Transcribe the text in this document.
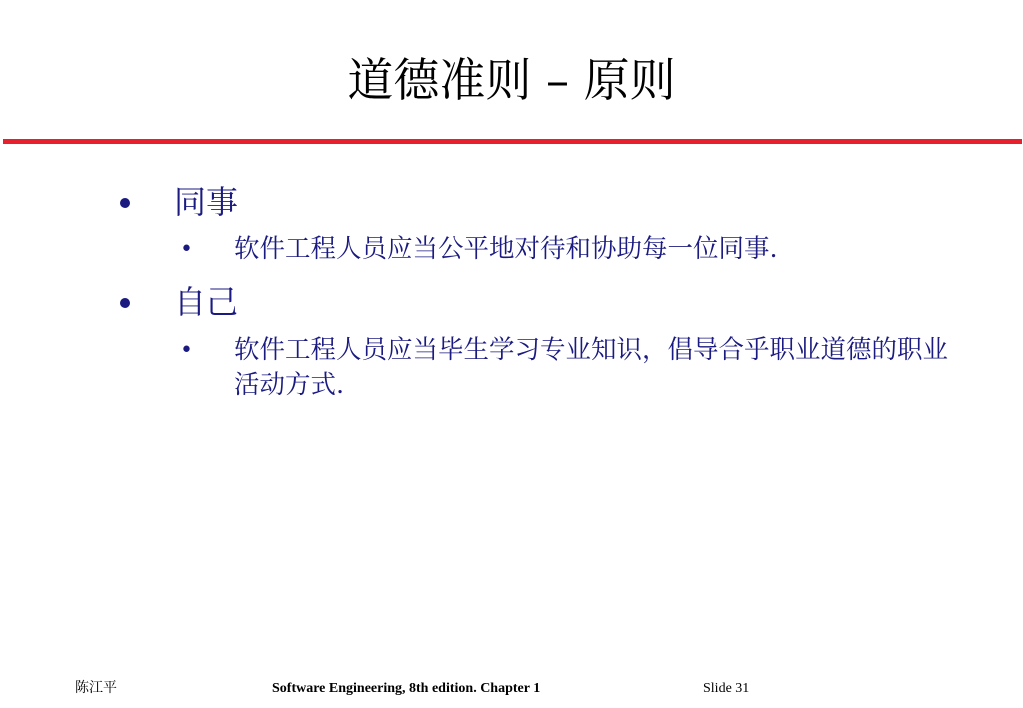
道德准则 – 原则
同事
• 软件工程人员应当公平地对待和协助每一位同事.
自己
• 软件工程人员应当毕生学习专业知识，倡导合乎职业道德的职业活动方式.
陈江平	Software Engineering, 8th edition. Chapter 1	Slide 31
